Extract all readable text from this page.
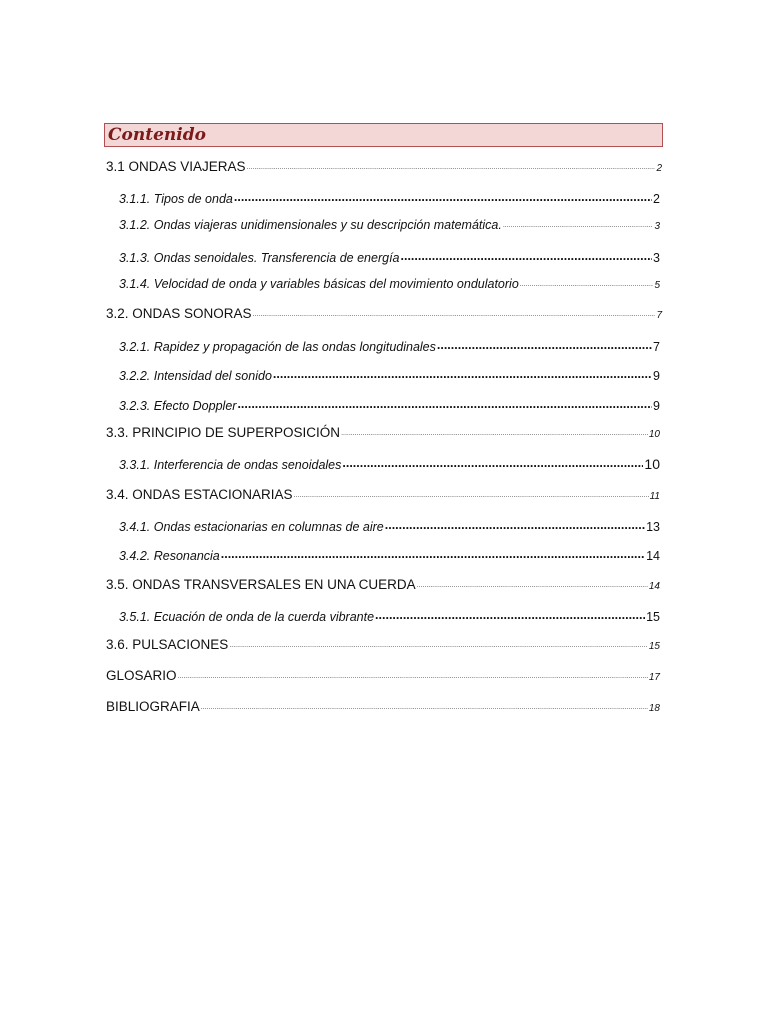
Contenido
3.1 ONDAS VIAJERAS .....	2
3.1.1. Tipos de onda .....	2
3.1.2. Ondas viajeras unidimensionales y su descripción matemática. .....	3
3.1.3. Ondas senoidales. Transferencia de energía .....	3
3.1.4. Velocidad de onda y variables básicas del movimiento ondulatorio .....	5
3.2. ONDAS SONORAS .....	7
3.2.1. Rapidez y propagación de las ondas longitudinales .....	7
3.2.2. Intensidad del sonido .....	9
3.2.3. Efecto Doppler .....	9
3.3. PRINCIPIO DE SUPERPOSICIÓN .....	10
3.3.1. Interferencia de ondas senoidales .....	10
3.4. ONDAS ESTACIONARIAS .....	11
3.4.1. Ondas estacionarias en columnas de aire .....	13
3.4.2. Resonancia .....	14
3.5. ONDAS TRANSVERSALES EN UNA CUERDA .....	14
3.5.1. Ecuación de onda de la cuerda vibrante .....	15
3.6. PULSACIONES .....	15
GLOSARIO .....	17
BIBLIOGRAFIA .....	18
